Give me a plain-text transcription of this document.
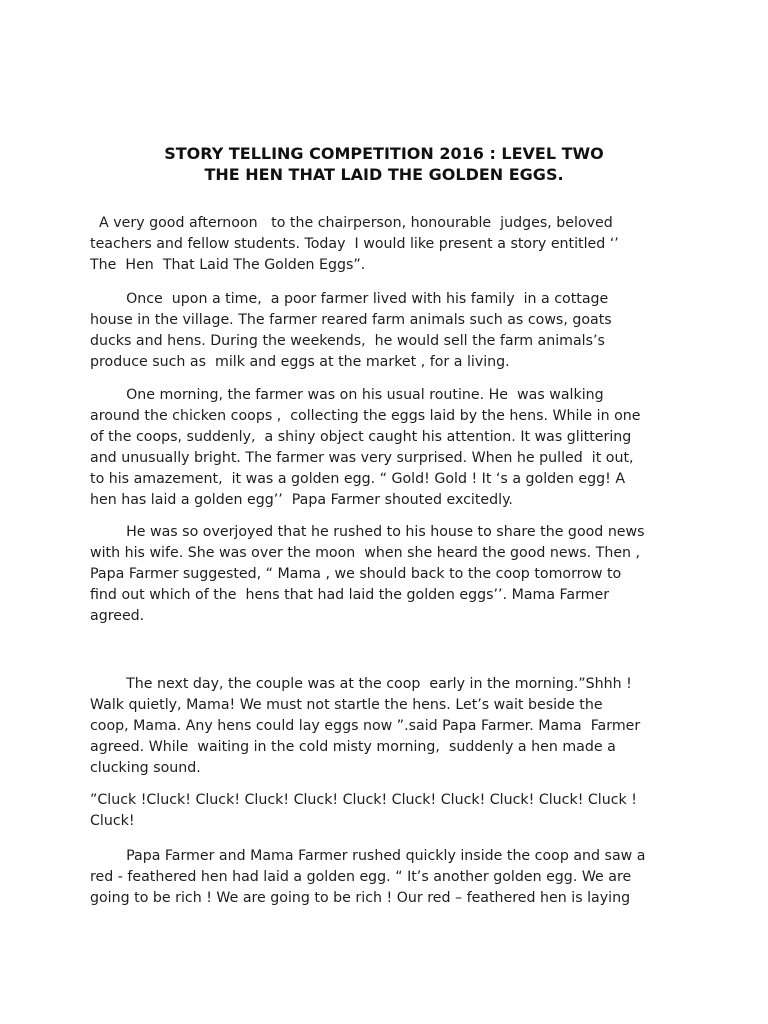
STORY TELLING COMPETITION 2016 : LEVEL TWO
THE HEN THAT LAID THE GOLDEN EGGS.
A very good afternoon   to the chairperson, honourable  judges, beloved
teachers and fellow students. Today  I would like present a story entitled ‘’
The  Hen  That Laid The Golden Eggs”.
Once  upon a time,  a poor farmer lived with his family  in a cottage
house in the village. The farmer reared farm animals such as cows, goats
ducks and hens. During the weekends,  he would sell the farm animals’s
produce such as  milk and eggs at the market , for a living.
One morning, the farmer was on his usual routine. He  was walking
around the chicken coops ,  collecting the eggs laid by the hens. While in one
of the coops, suddenly,  a shiny object caught his attention. It was glittering
and unusually bright. The farmer was very surprised. When he pulled  it out,
to his amazement,  it was a golden egg. “ Gold! Gold ! It ‘s a golden egg! A
hen has laid a golden egg’’  Papa Farmer shouted excitedly.
He was so overjoyed that he rushed to his house to share the good news
with his wife. She was over the moon  when she heard the good news. Then ,
Papa Farmer suggested, “ Mama , we should back to the coop tomorrow to
find out which of the  hens that had laid the golden eggs’’. Mama Farmer
agreed.
The next day, the couple was at the coop  early in the morning.”Shhh !
Walk quietly, Mama! We must not startle the hens. Let’s wait beside the
coop, Mama. Any hens could lay eggs now ”.said Papa Farmer. Mama  Farmer
agreed. While  waiting in the cold misty morning,  suddenly a hen made a
clucking sound.
”Cluck !Cluck! Cluck! Cluck! Cluck! Cluck! Cluck! Cluck! Cluck! Cluck! Cluck !
Cluck!
Papa Farmer and Mama Farmer rushed quickly inside the coop and saw a
red - feathered hen had laid a golden egg. “ It’s another golden egg. We are
going to be rich ! We are going to be rich ! Our red – feathered hen is laying
